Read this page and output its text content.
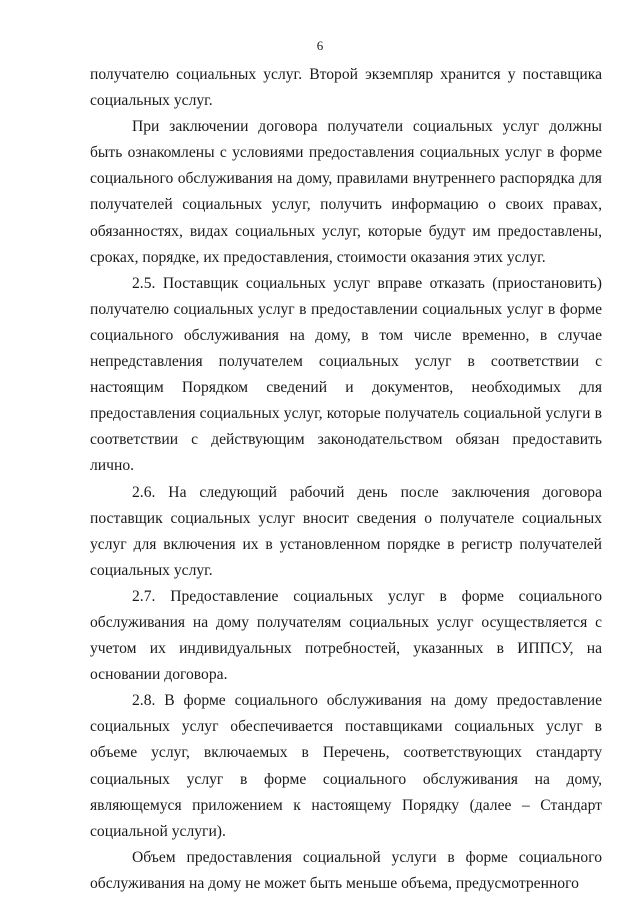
6

получателю социальных услуг. Второй экземпляр хранится у поставщика социальных услуг.

При заключении договора получатели социальных услуг должны быть ознакомлены с условиями предоставления социальных услуг в форме социального обслуживания на дому, правилами внутреннего распорядка для получателей социальных услуг, получить информацию о своих правах, обязанностях, видах социальных услуг, которые будут им предоставлены, сроках, порядке, их предоставления, стоимости оказания этих услуг.

2.5. Поставщик социальных услуг вправе отказать (приостановить) получателю социальных услуг в предоставлении социальных услуг в форме социального обслуживания на дому, в том числе временно, в случае непредставления получателем социальных услуг в соответствии с настоящим Порядком сведений и документов, необходимых для предоставления социальных услуг, которые получатель социальной услуги в соответствии с действующим законодательством обязан предоставить лично.

2.6. На следующий рабочий день после заключения договора поставщик социальных услуг вносит сведения о получателе социальных услуг для включения их в установленном порядке в регистр получателей социальных услуг.

2.7. Предоставление социальных услуг в форме социального обслуживания на дому получателям социальных услуг осуществляется с учетом их индивидуальных потребностей, указанных в ИППСУ, на основании договора.

2.8. В форме социального обслуживания на дому предоставление социальных услуг обеспечивается поставщиками социальных услуг в объеме услуг, включаемых в Перечень, соответствующих стандарту социальных услуг в форме социального обслуживания на дому, являющемуся приложением к настоящему Порядку (далее – Стандарт социальной услуги).

Объем предоставления социальной услуги в форме социального обслуживания на дому не может быть меньше объема, предусмотренного
